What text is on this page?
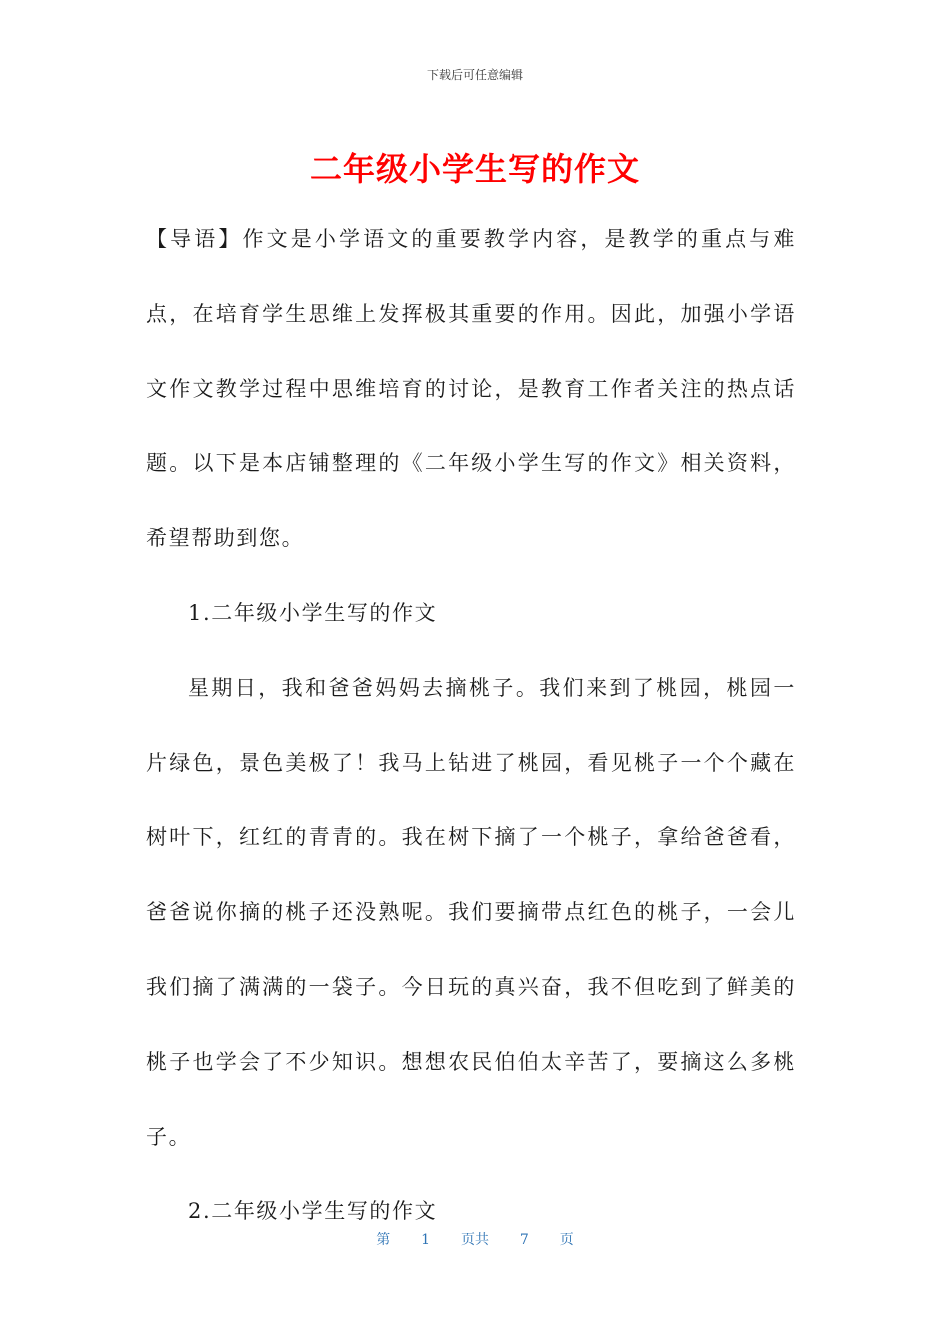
下载后可任意编辑
二年级小学生写的作文

【导语】作文是小学语文的重要教学内容，是教学的重点与难点，在培育学生思维上发挥极其重要的作用。因此，加强小学语文作文教学过程中思维培育的讨论，是教育工作者关注的热点话题。以下是本店铺整理的《二年级小学生写的作文》相关资料，希望帮助到您。

1.二年级小学生写的作文

星期日，我和爸爸妈妈去摘桃子。我们来到了桃园，桃园一片绿色，景色美极了！我马上钻进了桃园，看见桃子一个个藏在树叶下，红红的青青的。我在树下摘了一个桃子，拿给爸爸看，爸爸说你摘的桃子还没熟呢。我们要摘带点红色的桃子，一会儿我们摘了满满的一袋子。今日玩的真兴奋，我不但吃到了鲜美的桃子也学会了不少知识。想想农民伯伯太辛苦了，要摘这么多桃子。

2.二年级小学生写的作文

第 1 页共 7 页
